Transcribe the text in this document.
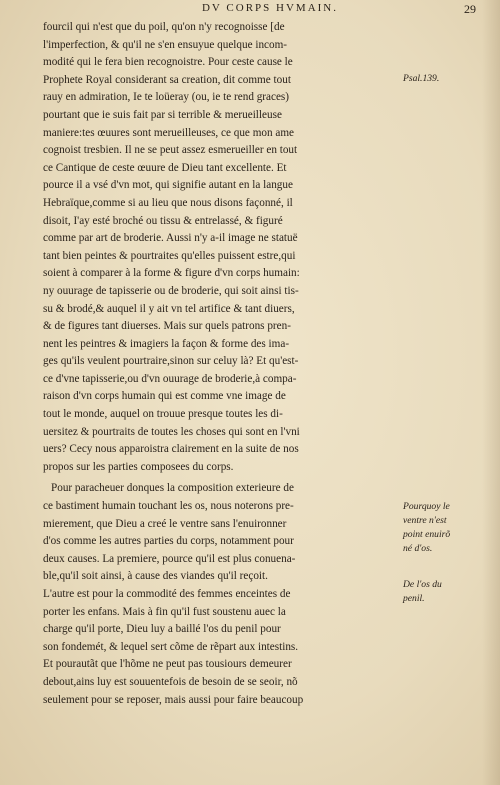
DV CORPS HVMAIN.	29
fourcil qui n'est que du poil, qu'on n'y recognoisse [de
l'imperfection, & qu'il ne s'en ensuyue quelque incom-
modité qui le fera bien recognoistre. Pour ceste cause le
Prophete Royal considerant sa creation, dit comme tout
rauy en admiration, Ie te loüeray (ou, ie te rend graces)
pourtant que ie suis fait par si terrible & merueilleuse
maniere:tes œuures sont merueilleuses, ce que mon ame
cognoist tresbien. Il ne se peut assez esmerueiller en tout
ce Cantique de ceste œuure de Dieu tant excellente. Et
pource il a vsé d'vn mot, qui signifie autant en la langue
Hebraïque,comme si au lieu que nous disons façonné, il
disoit, I'ay esté broché ou tissu & entrelassé, & figuré
comme par art de broderie. Aussi n'y a-il image ne statuë
tant bien peintes & pourtraites qu'elles puissent estre,qui
soient à comparer à la forme & figure d'vn corps humain:
ny ouurage de tapisserie ou de broderie, qui soit ainsi tis-
su & brodé,& auquel il y ait vn tel artifice & tant diuers,
& de figures tant diuerses. Mais sur quels patrons pren-
nent les peintres & imagiers la façon & forme des ima-
ges qu'ils veulent pourtraire,sinon sur celuy là? Et qu'est-
ce d'vne tapisserie,ou d'vn ouurage de broderie,à compa-
raison d'vn corps humain qui est comme vne image de
tout le monde, auquel on trouue presque toutes les di-
uersitez & pourtraits de toutes les choses qui sont en l'vni
uers? Cecy nous apparoistra clairement en la suite de nos
propos sur les parties composees du corps.
Pour paracheuer donques la composition exterieure de
ce bastiment humain touchant les os, nous noterons pre-
mierement, que Dieu a creé le ventre sans l'enuironner
d'os comme les autres parties du corps, notamment pour
deux causes. La premiere, pource qu'il est plus conuena-
ble,qu'il soit ainsi, à cause des viandes qu'il reçoit.
L'autre est pour la commodité des femmes enceintes de
porter les enfans. Mais à fin qu'il fust soustenu auec la
charge qu'il porte, Dieu luy a baillé l'os du penil pour
son fondemét, & lequel sert cõme de rẽpart aux intestins.
Et pourautãt que l'hõme ne peut pas tousiours demeurer
debout,ains luy est souuentefois de besoin de se seoir, nõ
seulement pour se reposer, mais aussi pour faire beaucoup
Psal.139.
Pourquoy le
ventre n'est
point enuirõ
né d'os.
De l'os du
penil.
